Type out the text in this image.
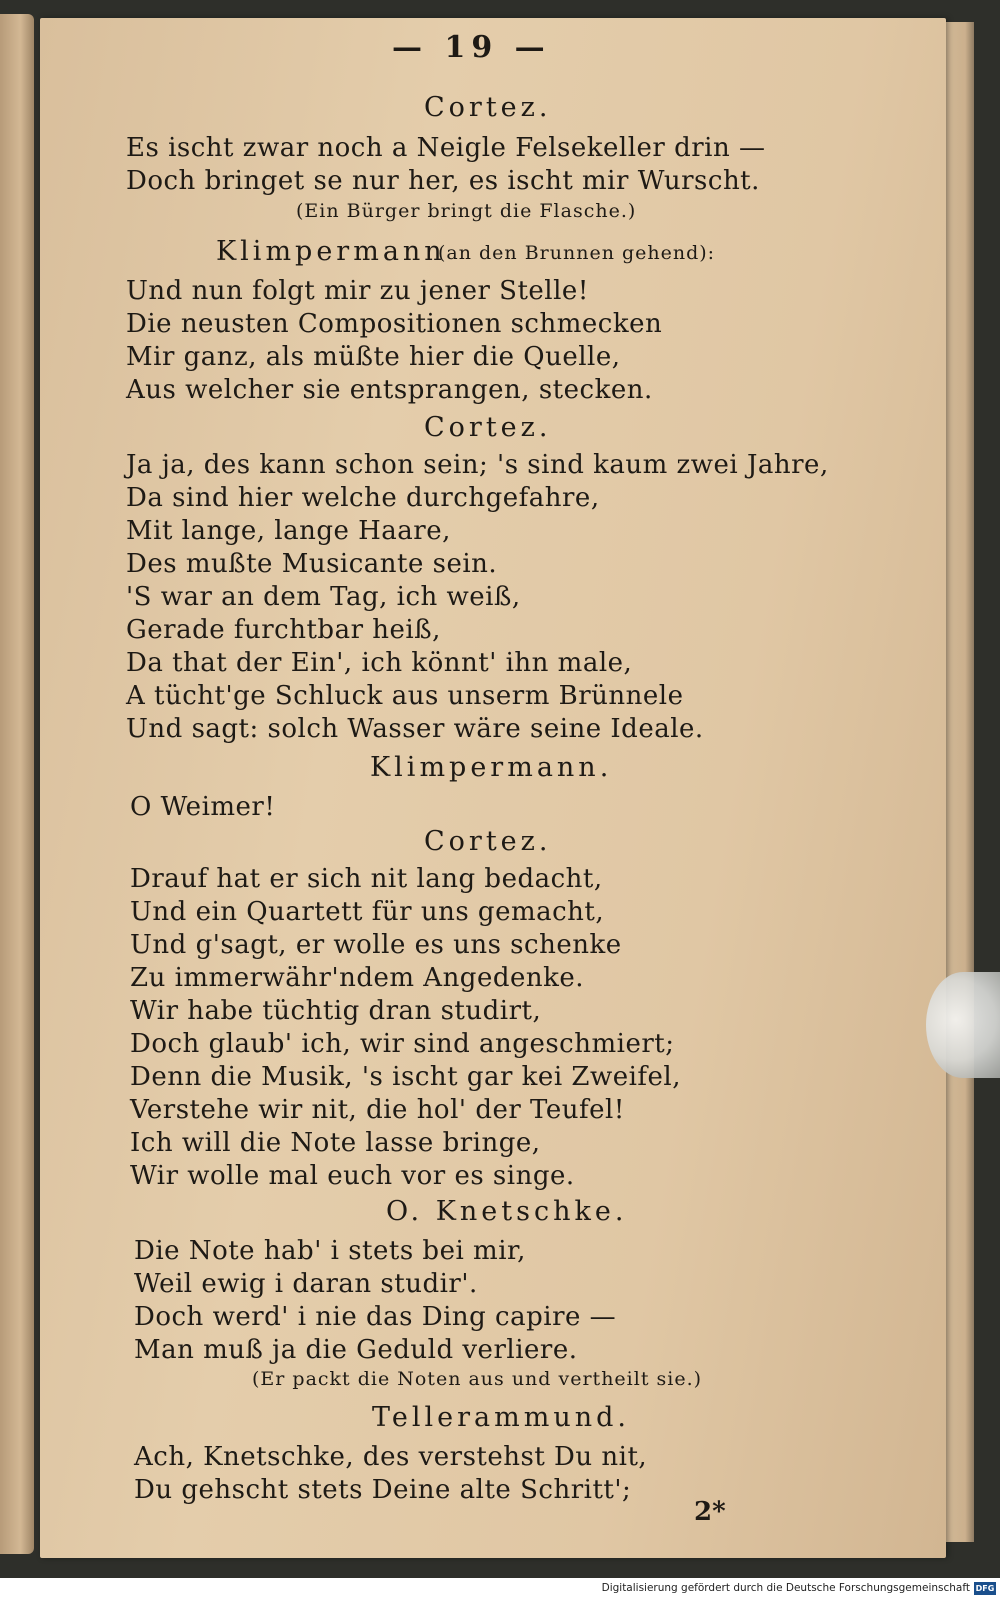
— 19 —
Cortez.
Es ischt zwar noch a Neigle Felsekeller drin —
Doch bringet se nur her, es ischt mir Wurscht.
(Ein Bürger bringt die Flasche.)
Klimpermann
(an den Brunnen gehend):
Und nun folgt mir zu jener Stelle!
Die neusten Compositionen schmecken
Mir ganz, als müßte hier die Quelle,
Aus welcher sie entsprangen, stecken.
Cortez.
Ja ja, des kann schon sein; 's sind kaum zwei Jahre,
Da sind hier welche durchgefahre,
Mit lange, lange Haare,
Des mußte Musicante sein.
'S war an dem Tag, ich weiß,
Gerade furchtbar heiß,
Da that der Ein', ich könnt' ihn male,
A tücht'ge Schluck aus unserm Brünnele
Und sagt: solch Wasser wäre seine Ideale.
Klimpermann.
O Weimer!
Cortez.
Drauf hat er sich nit lang bedacht,
Und ein Quartett für uns gemacht,
Und g'sagt, er wolle es uns schenke
Zu immerwähr'ndem Angedenke.
Wir habe tüchtig dran studirt,
Doch glaub' ich, wir sind angeschmiert;
Denn die Musik, 's ischt gar kei Zweifel,
Verstehe wir nit, die hol' der Teufel!
Ich will die Note lasse bringe,
Wir wolle mal euch vor es singe.
O. Knetschke.
Die Note hab' i stets bei mir,
Weil ewig i daran studir'.
Doch werd' i nie das Ding capire —
Man muß ja die Geduld verliere.
(Er packt die Noten aus und vertheilt sie.)
Tellerammund.
Ach, Knetschke, des verstehst Du nit,
Du gehscht stets Deine alte Schritt';
2*
Digitalisierung gefördert durch die Deutsche Forschungsgemeinschaft DFG
